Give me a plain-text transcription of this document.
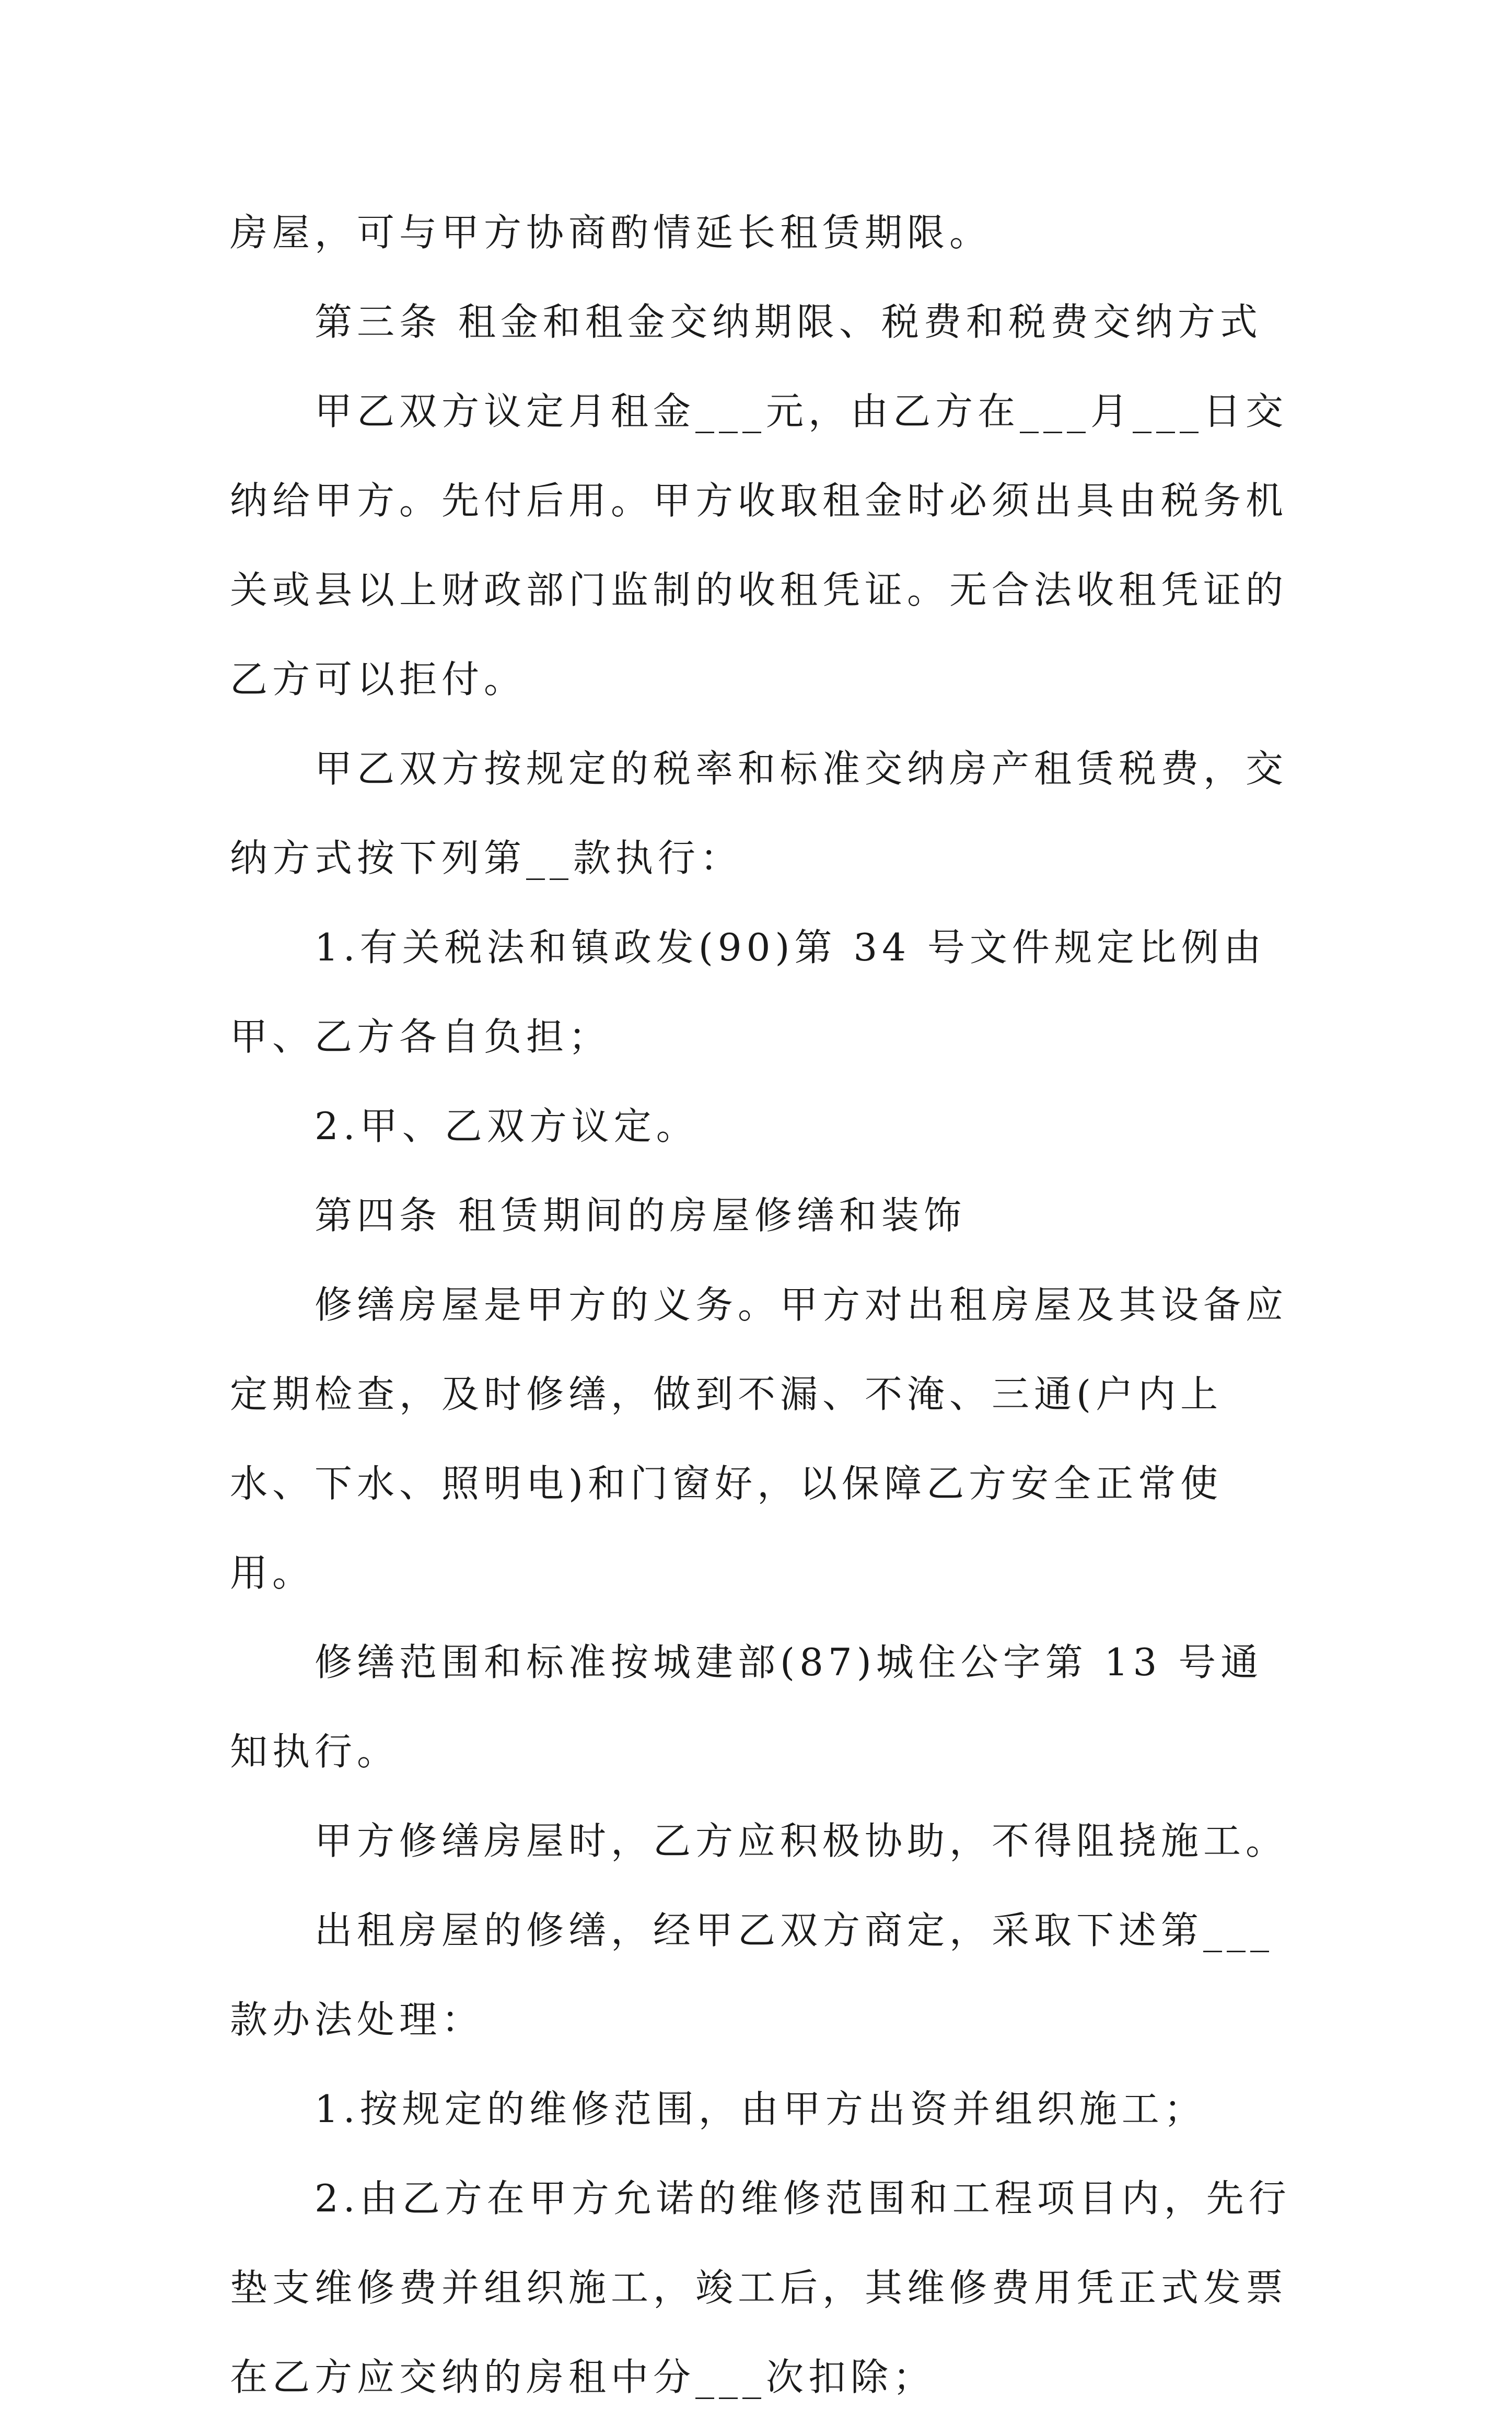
房屋，可与甲方协商酌情延长租赁期限。

第三条 租金和租金交纳期限、税费和税费交纳方式

甲乙双方议定月租金___元，由乙方在___月___日交纳给甲方。先付后用。甲方收取租金时必须出具由税务机关或县以上财政部门监制的收租凭证。无合法收租凭证的乙方可以拒付。

甲乙双方按规定的税率和标准交纳房产租赁税费，交纳方式按下列第__款执行：

1.有关税法和镇政发(90)第 34 号文件规定比例由甲、乙方各自负担；

2.甲、乙双方议定。

第四条 租赁期间的房屋修缮和装饰

修缮房屋是甲方的义务。甲方对出租房屋及其设备应定期检查，及时修缮，做到不漏、不淹、三通(户内上水、下水、照明电)和门窗好，以保障乙方安全正常使用。

修缮范围和标准按城建部(87)城住公字第 13 号通知执行。

甲方修缮房屋时，乙方应积极协助，不得阻挠施工。

出租房屋的修缮，经甲乙双方商定，采取下述第___款办法处理：

1.按规定的维修范围，由甲方出资并组织施工；

2.由乙方在甲方允诺的维修范围和工程项目内，先行垫支维修费并组织施工，竣工后，其维修费用凭正式发票在乙方应交纳的房租中分___次扣除；
